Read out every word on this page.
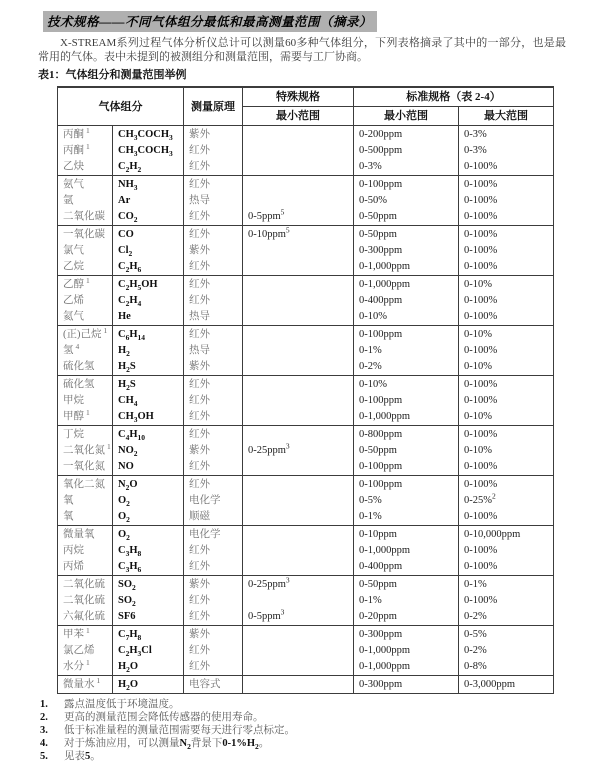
技术规格——不同气体组分最低和最高测量范围（摘录）

X-STREAM系列过程气体分析仪总计可以测量60多种气体组分，下列表格摘录了其中的一部分，也是最常用的气体。表中未提到的被测组分和测量范围，需要与工厂协商。

表1：气体组分和测量范围举例

气体组分		测量原理	特殊规格	标准规格（表 2-4）	
			最小范围	最小范围	最大范围
丙酮 $^1$	$CH_3COCH_3$	紫外		0-200ppm	0-3%
丙酮 $^1$	$CH_3COCH_3$	红外		0-500ppm	0-3%
乙炔	$C_2H_2$	红外		0-3%	0-100%
氨气	$NH_3$	红外		0-100ppm	0-100%
氩	Ar	热导		0-50%	0-100%
二氧化碳	$CO_2$	红外	0-5ppm$^5$	0-50ppm	0-100%
一氧化碳	CO	红外	0-10ppm$^5$	0-50ppm	0-100%
氯气	$Cl_2$	紫外		0-300ppm	0-100%
乙烷	$C_2H_6$	红外		0-1,000ppm	0-100%
乙醇 $^1$	$C_2H_5OH$	红外		0-1,000ppm	0-10%
乙烯	$C_2H_4$	红外		0-400ppm	0-100%
氦气	He	热导		0-10%	0-100%
(正)己烷 $^1$	$C_6H_{14}$	红外		0-100ppm	0-10%
氢 $^4$	$H_2$	热导		0-1%	0-100%
硫化氢	$H_2S$	紫外		0-2%	0-10%
硫化氢	$H_2S$	红外		0-10%	0-100%
甲烷	$CH_4$	红外		0-100ppm	0-100%
甲醇 $^1$	$CH_3OH$	红外		0-1,000ppm	0-10%
丁烷	$C_4H_{10}$	红外		0-800ppm	0-100%
二氧化氮 $^1$	$NO_2$	紫外	0-25ppm$^3$	0-50ppm	0-10%
一氧化氮	NO	红外		0-100ppm	0-100%
氧化二氮	$N_2O$	红外		0-100ppm	0-100%
氧	$O_2$	电化学		0-5%	0-25%$^2$
氧	$O_2$	顺磁		0-1%	0-100%
微量氧	$O_2$	电化学		0-10ppm	0-10,000ppm
丙烷	$C_3H_8$	红外		0-1,000ppm	0-100%
丙烯	$C_3H_6$	红外		0-400ppm	0-100%
二氧化硫	$SO_2$	紫外	0-25ppm$^3$	0-50ppm	0-1%
二氧化硫	$SO_2$	红外		0-1%	0-100%
六氟化硫	SF6	红外	0-5ppm$^3$	0-20ppm	0-2%
甲苯 $^1$	$C_7H_8$	紫外		0-300ppm	0-5%
氯乙烯	$C_2H_3Cl$	红外		0-1,000ppm	0-2%
水分 $^1$	$H_2O$	红外		0-1,000ppm	0-8%
微量水 $^1$	$H_2O$	电容式		0-300ppm	0-3,000ppm
1.	露点温度低于环境温度。
2.	更高的测量范围会降低传感器的使用寿命。
3.	低于标准量程的测量范围需要每天进行零点标定。
4.	对于炼油应用，可以测量$N_2$背景下$0-1\%H_2$。
5.	见表5。
